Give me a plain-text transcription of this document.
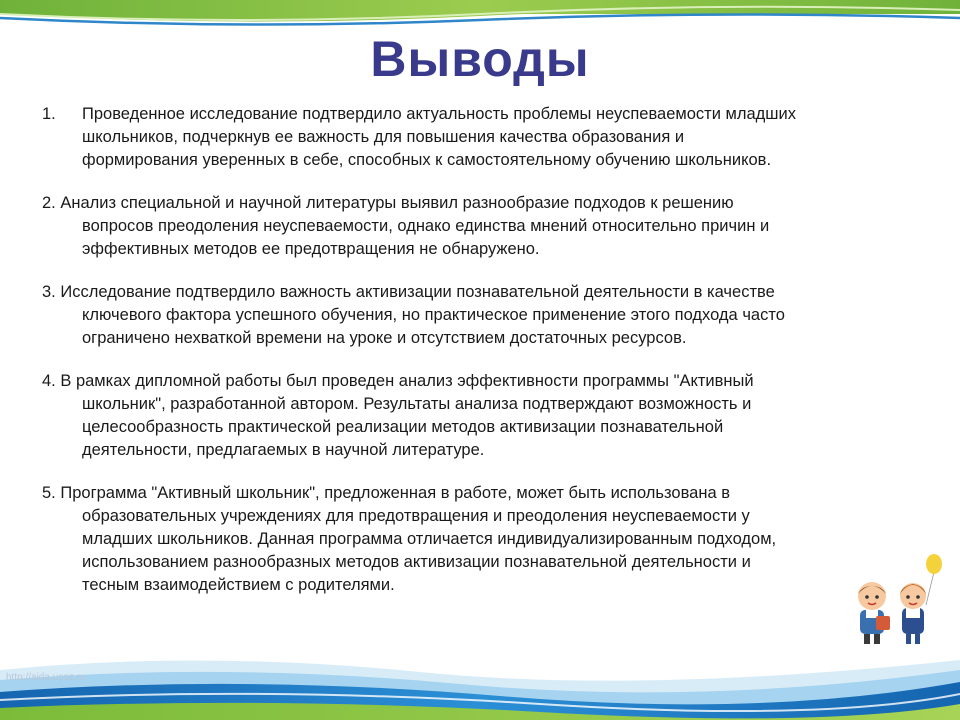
Выводы
1.	Проведенное исследование подтвердило актуальность проблемы неуспеваемости младших
школьников, подчеркнув ее важность для повышения качества образования и
формирования уверенных в себе, способных к самостоятельному обучению школьников.
2. Анализ специальной и научной литературы выявил разнообразие подходов к решению
вопросов преодоления неуспеваемости, однако единства мнений относительно причин и
эффективных методов ее предотвращения не обнаружено.
3. Исследование подтвердило важность активизации познавательной деятельности в качестве
ключевого фактора успешного обучения, но практическое применение этого подхода часто
ограничено нехваткой времени на уроке и отсутствием достаточных ресурсов.
4. В рамках дипломной работы был проведен анализ эффективности программы "Активный
школьник", разработанной автором. Результаты анализа подтверждают возможность и
целесообразность практической реализации методов активизации познавательной
деятельности, предлагаемых в научной литературе.
5. Программа "Активный школьник", предложенная в работе, может быть использована в
образовательных учреждениях для предотвращения и преодоления неуспеваемости у
младших школьников. Данная программа отличается индивидуализированным подходом,
использованием разнообразных методов активизации познавательной деятельности и
тесным взаимодействием с родителями.
http://aida.ucoz.ru
